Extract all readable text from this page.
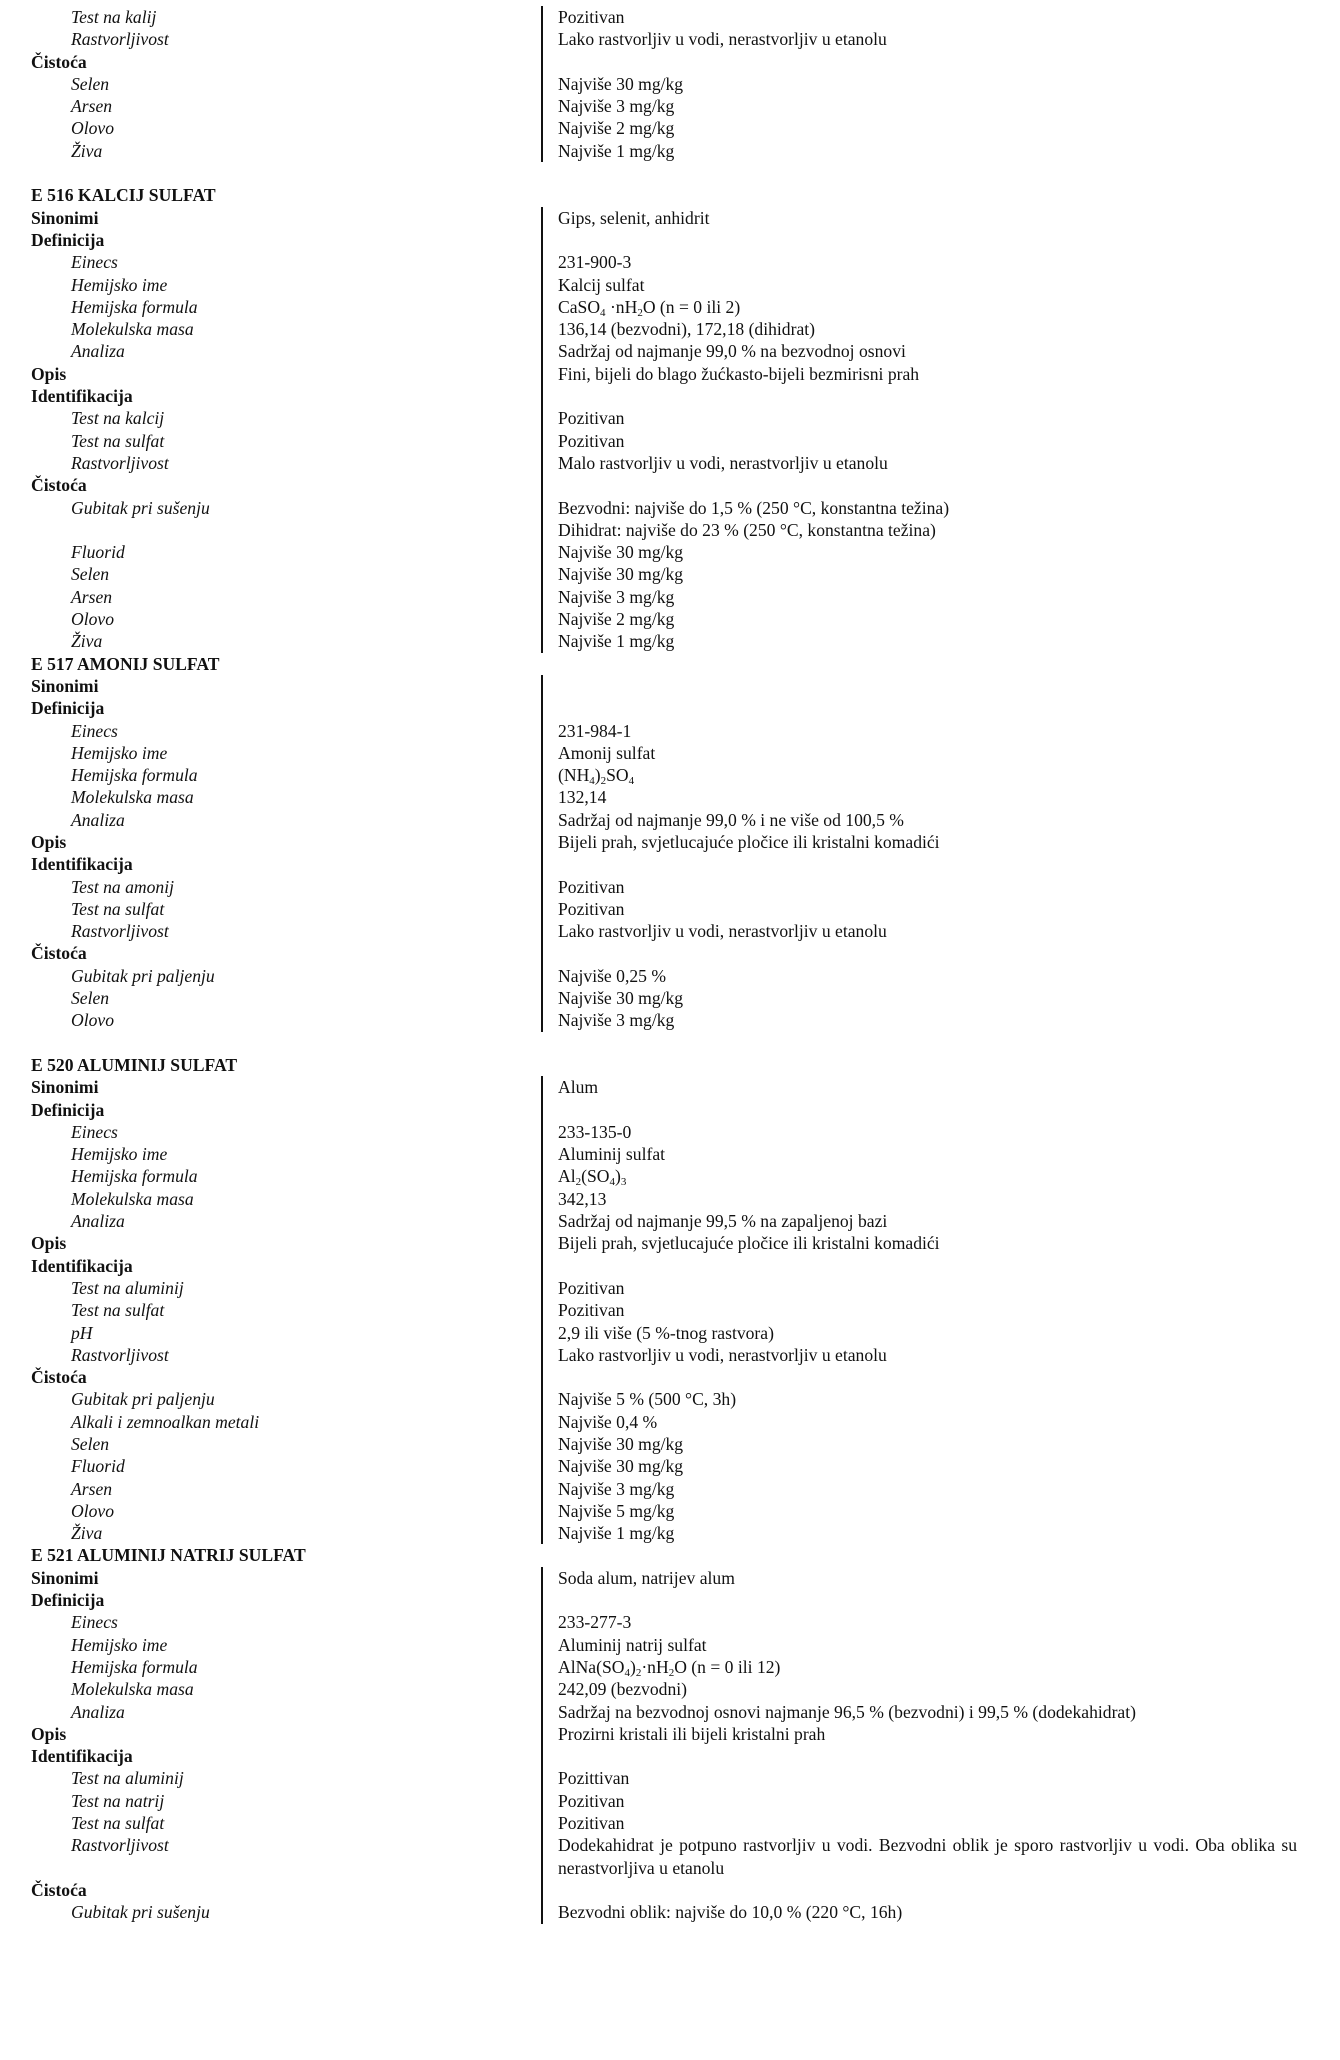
Test na kalij	Pozitivan
Rastvorljivost	Lako rastvorljiv u vodi, nerastvorljiv u etanolu
Čistoća
Selen	Najviše 30 mg/kg
Arsen	Najviše 3 mg/kg
Olovo	Najviše 2 mg/kg
Živa	Najviše 1 mg/kg
E 516 KALCIJ SULFAT
Sinonimi	Gips, selenit, anhidrit
Definicija
Einecs	231-900-3
Hemijsko ime	Kalcij sulfat
Hemijska formula	CaSO$_4$ $\cdot nH_2O$ (n = 0 ili 2)
Molekulska masa	136,14 (bezvodni), 172,18 (dihidrat)
Analiza	Sadržaj od najmanje 99,0 % na bezvodnoj osnovi
Opis	Fini, bijeli do blago žućkasto-bijeli bezmirisni prah
Identifikacija
Test na kalcij	Pozitivan
Test na sulfat	Pozitivan
Rastvorljivost	Malo rastvorljiv u vodi, nerastvorljiv u etanolu
Čistoća
Gubitak pri sušenju	Bezvodni: najviše do 1,5 % (250 °C, konstantna težina)
Dihidrat: najviše do 23 % (250 °C, konstantna težina)
Fluorid	Najviše 30 mg/kg
Selen	Najviše 30 mg/kg
Arsen	Najviše 3 mg/kg
Olovo	Najviše 2 mg/kg
Živa	Najviše 1 mg/kg
E 517 AMONIJ SULFAT
Sinonimi
Definicija
Einecs	231-984-1
Hemijsko ime	Amonij sulfat
Hemijska formula	$(NH_4)_2SO_4$
Molekulska masa	132,14
Analiza	Sadržaj od najmanje 99,0 % i ne više od 100,5 %
Opis	Bijeli prah, svjetlucajuće pločice ili kristalni komadići
Identifikacija
Test na amonij	Pozitivan
Test na sulfat	Pozitivan
Rastvorljivost	Lako rastvorljiv u vodi, nerastvorljiv u etanolu
Čistoća
Gubitak pri paljenju	Najviše 0,25 %
Selen	Najviše 30 mg/kg
Olovo	Najviše 3 mg/kg
E 520 ALUMINIJ SULFAT
Sinonimi	Alum
Definicija
Einecs	233-135-0
Hemijsko ime	Aluminij sulfat
Hemijska formula	$Al_2(SO_4)_3$
Molekulska masa	342,13
Analiza	Sadržaj od najmanje 99,5 % na zapaljenoj bazi
Opis	Bijeli prah, svjetlucajuće pločice ili kristalni komadići
Identifikacija
Test na aluminij	Pozitivan
Test na sulfat	Pozitivan
pH	2,9 ili više (5 %-tnog rastvora)
Rastvorljivost	Lako rastvorljiv u vodi, nerastvorljiv u etanolu
Čistoća
Gubitak pri paljenju	Najviše 5 % (500 °C, 3h)
Alkali i zemnoalkan metali	Najviše 0,4 %
Selen	Najviše 30 mg/kg
Fluorid	Najviše 30 mg/kg
Arsen	Najviše 3 mg/kg
Olovo	Najviše 5 mg/kg
Živa	Najviše 1 mg/kg
E 521 ALUMINIJ NATRIJ SULFAT
Sinonimi	Soda alum, natrijev alum
Definicija
Einecs	233-277-3
Hemijsko ime	Aluminij natrij sulfat
Hemijska formula	$AlNa(SO_4)_2\cdot nH_2O$ (n = 0 ili 12)
Molekulska masa	242,09 (bezvodni)
Analiza	Sadržaj na bezvodnoj osnovi najmanje 96,5 % (bezvodni) i 99,5 % (dodekahidrat)
Opis	Prozirni kristali ili bijeli kristalni prah
Identifikacija
Test na aluminij	Pozittivan
Test na natrij	Pozitivan
Test na sulfat	Pozitivan
Rastvorljivost	Dodekahidrat je potpuno rastvorljiv u vodi. Bezvodni oblik je sporo rastvorljiv u vodi. Oba oblika su nerastvorljiva u etanolu
Čistoća
Gubitak pri sušenju	Bezvodni oblik: najviše do 10,0 % (220 °C, 16h)
